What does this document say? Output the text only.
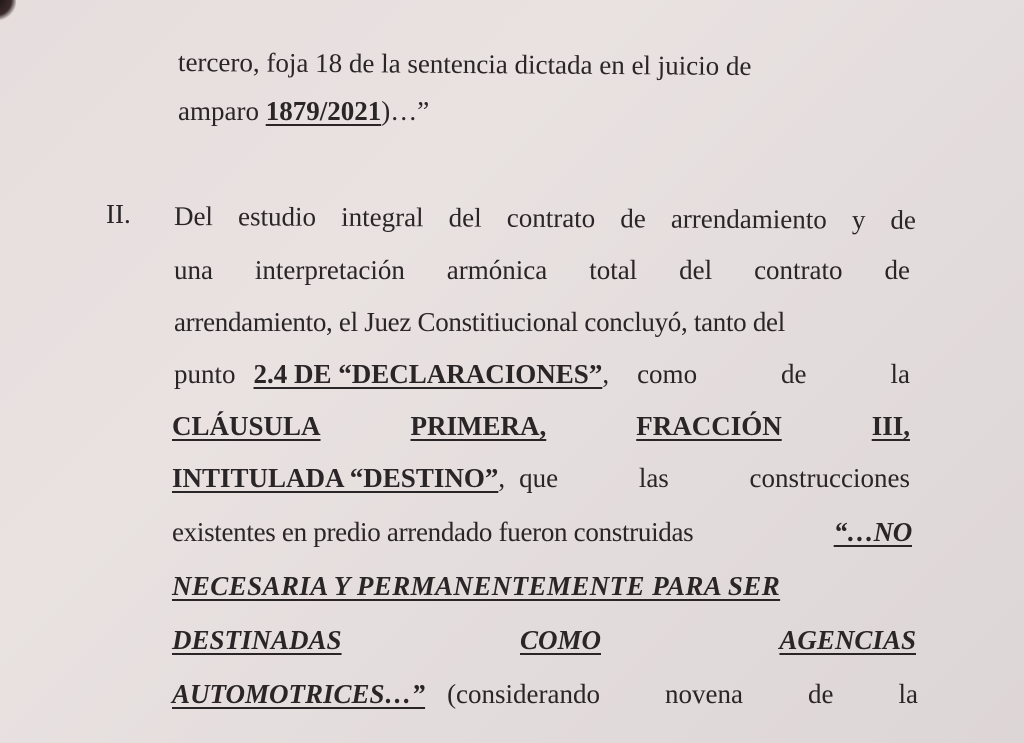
tercero, foja 18 de la sentencia dictada en el juicio de
amparo 1879/2021)…”
II. Del estudio integral del contrato de arrendamiento y de
una interpretación armónica total del contrato de
arrendamiento, el Juez Constitiucional concluyó, tanto del
punto 2.4 DE “DECLARACIONES” , como	de	la
CLÁUSULA	PRIMERA,	FRACCIÓN	III,
INTITULADA “DESTINO” , que	las	construcciones
existentes en predio arrendado fueron construidas	“…NO
NECESARIA Y PERMANENTEMENTE PARA SER
DESTINADAS	COMO	AGENCIAS
AUTOMOTRICES…” (considerando novena de la
